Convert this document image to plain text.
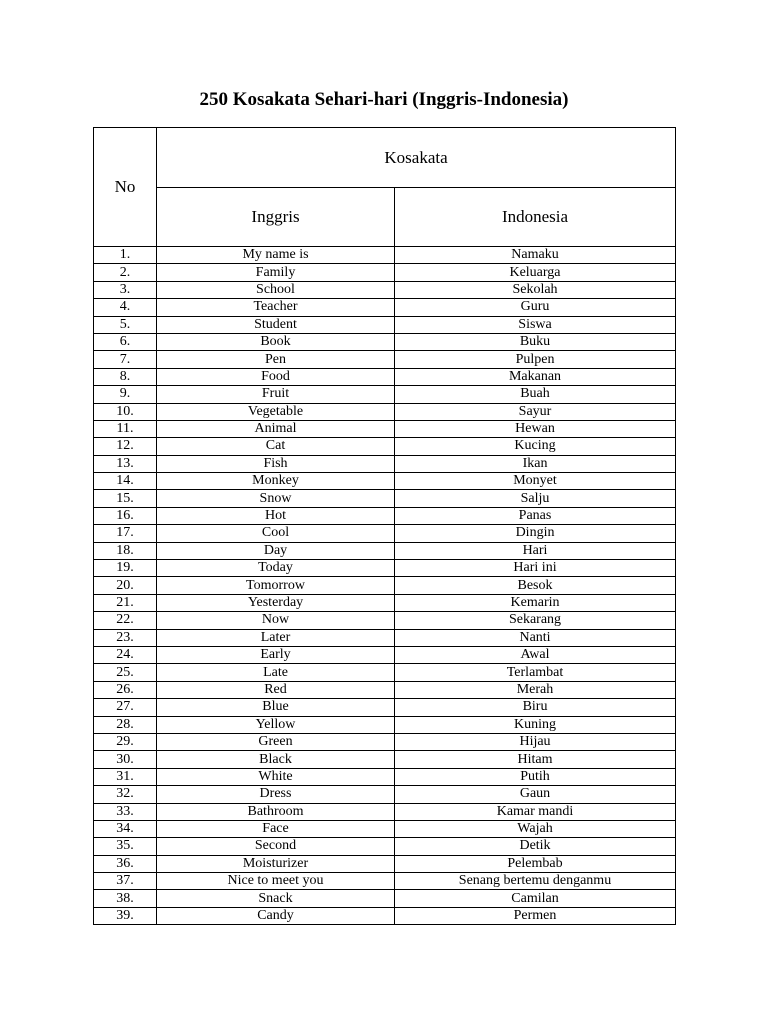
250 Kosakata Sehari-hari (Inggris-Indonesia)
No	Kosakata	
	Inggris	Indonesia
1.	My name is	Namaku
2.	Family	Keluarga
3.	School	Sekolah
4.	Teacher	Guru
5.	Student	Siswa
6.	Book	Buku
7.	Pen	Pulpen
8.	Food	Makanan
9.	Fruit	Buah
10.	Vegetable	Sayur
11.	Animal	Hewan
12.	Cat	Kucing
13.	Fish	Ikan
14.	Monkey	Monyet
15.	Snow	Salju
16.	Hot	Panas
17.	Cool	Dingin
18.	Day	Hari
19.	Today	Hari ini
20.	Tomorrow	Besok
21.	Yesterday	Kemarin
22.	Now	Sekarang
23.	Later	Nanti
24.	Early	Awal
25.	Late	Terlambat
26.	Red	Merah
27.	Blue	Biru
28.	Yellow	Kuning
29.	Green	Hijau
30.	Black	Hitam
31.	White	Putih
32.	Dress	Gaun
33.	Bathroom	Kamar mandi
34.	Face	Wajah
35.	Second	Detik
36.	Moisturizer	Pelembab
37.	Nice to meet you	Senang bertemu denganmu
38.	Snack	Camilan
39.	Candy	Permen
